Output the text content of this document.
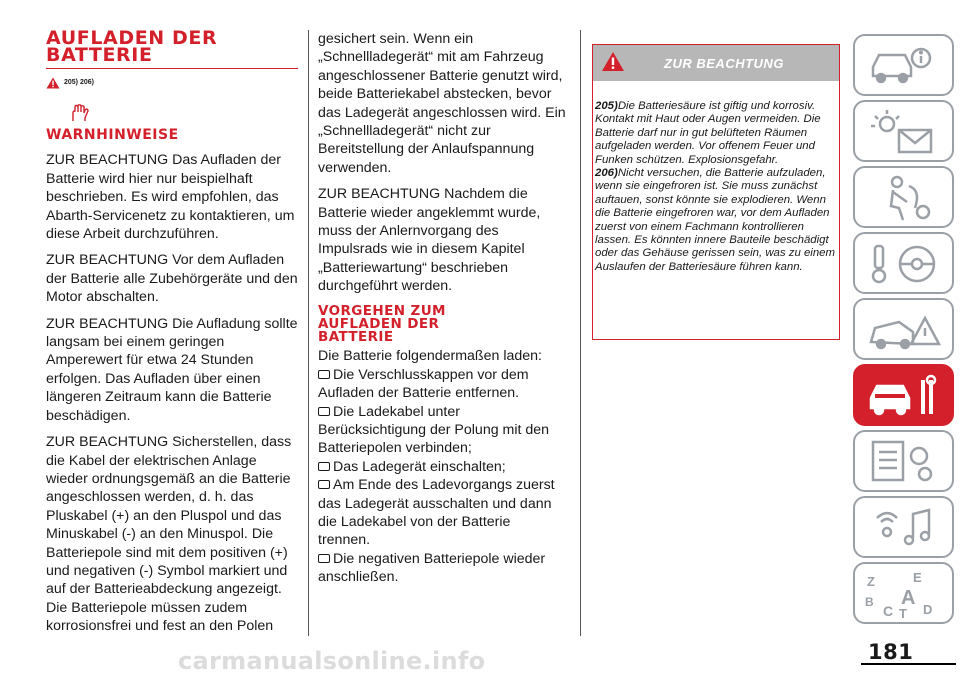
AUFLADEN DER
BATTERIE
205) 206)
WARNHINWEISE

ZUR BEACHTUNG Das Aufladen der Batterie wird hier nur beispielhaft beschrieben. Es wird empfohlen, das Abarth-Servicenetz zu kontaktieren, um diese Arbeit durchzuführen.

ZUR BEACHTUNG Vor dem Aufladen der Batterie alle Zubehörgeräte und den Motor abschalten.

ZUR BEACHTUNG Die Aufladung sollte langsam bei einem geringen Amperewert für etwa 24 Stunden erfolgen. Das Aufladen über einen längeren Zeitraum kann die Batterie beschädigen.

ZUR BEACHTUNG Sicherstellen, dass die Kabel der elektrischen Anlage wieder ordnungsgemäß an die Batterie angeschlossen werden, d. h. das Pluskabel (+) an den Pluspol und das Minuskabel (-) an den Minuspol. Die Batteriepole sind mit dem positiven (+) und negativen (-) Symbol markiert und auf der Batterieabdeckung angezeigt. Die Batteriepole müssen zudem korrosionsfrei und fest an den Polen

gesichert sein. Wenn ein „Schnellladegerät“ mit am Fahrzeug angeschlossener Batterie genutzt wird, beide Batteriekabel abstecken, bevor das Ladegerät angeschlossen wird. Ein „Schnellladegerät“ nicht zur Bereitstellung der Anlaufspannung verwenden.

ZUR BEACHTUNG Nachdem die Batterie wieder angeklemmt wurde, muss der Anlernvorgang des Impulsrads wie in diesem Kapitel „Batteriewartung“ beschrieben durchgeführt werden.

VORGEHEN ZUM
AUFLADEN DER
BATTERIE

Die Batterie folgendermaßen laden:

Die Verschlusskappen vor dem Aufladen der Batterie entfernen.
Die Ladekabel unter Berücksichtigung der Polung mit den Batteriepolen verbinden;
Das Ladegerät einschalten;
Am Ende des Ladevorgangs zuerst das Ladegerät ausschalten und dann die Ladekabel von der Batterie trennen.
Die negativen Batteriepole wieder anschließen.
ZUR BEACHTUNG

205)Die Batteriesäure ist giftig und korrosiv. Kontakt mit Haut oder Augen vermeiden. Die Batterie darf nur in gut belüfteten Räumen aufgeladen werden. Vor offenem Feuer und Funken schützen. Explosionsgefahr.

206)Nicht versuchen, die Batterie aufzuladen, wenn sie eingefroren ist. Sie muss zunächst auftauen, sonst könnte sie explodieren. Wenn die Batterie eingefroren war, vor dem Aufladen zuerst von einem Fachmann kontrollieren lassen. Es könnten innere Bauteile beschädigt oder das Gehäuse gerissen sein, was zu einem Auslaufen der Batteriesäure führen kann.

Z	E
B A
C T D
181
carmanualsonline.info
